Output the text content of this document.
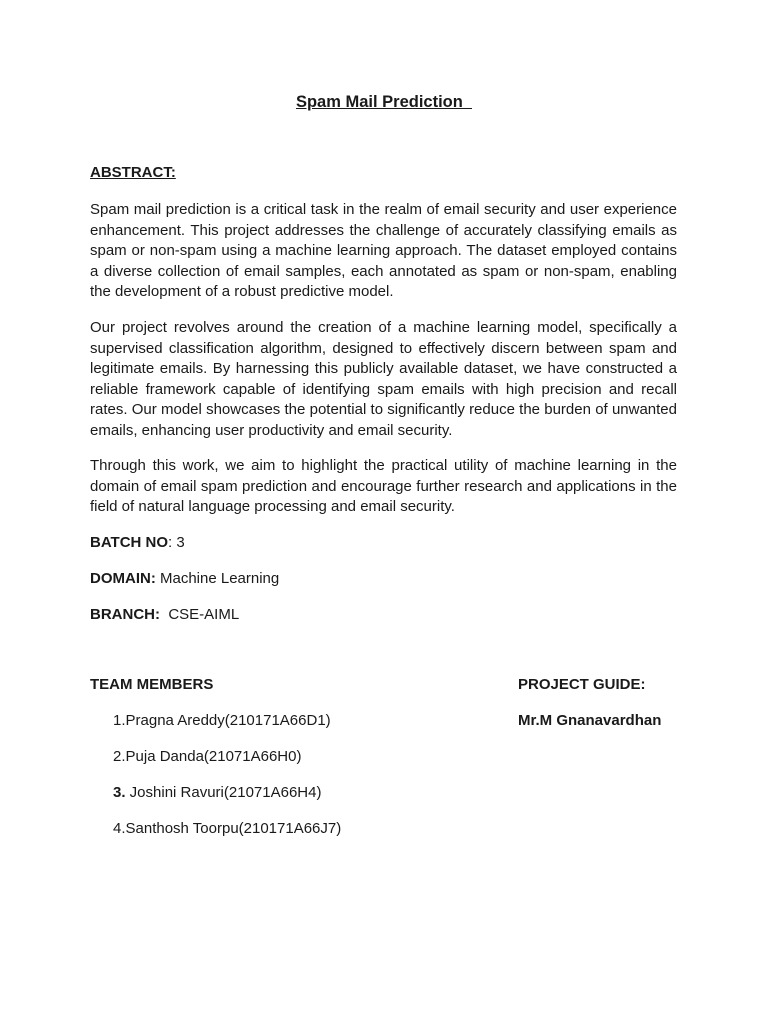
Spam Mail Prediction
ABSTRACT:

Spam mail prediction is a critical task in the realm of email security and user experience enhancement. This project addresses the challenge of accurately classifying emails as spam or non-spam using a machine learning approach. The dataset employed contains a diverse collection of email samples, each annotated as spam or non-spam, enabling the development of a robust predictive model.

Our project revolves around the creation of a machine learning model, specifically a supervised classification algorithm, designed to effectively discern between spam and legitimate emails. By harnessing this publicly available dataset, we have constructed a reliable framework capable of identifying spam emails with high precision and recall rates. Our model showcases the potential to significantly reduce the burden of unwanted emails, enhancing user productivity and email security.

Through this work, we aim to highlight the practical utility of machine learning in the domain of email spam prediction and encourage further research and applications in the field of natural language processing and email security.

BATCH NO: 3
DOMAIN: Machine Learning
BRANCH:  CSE-AIML
TEAM MEMBERS
1.Pragna Areddy(210171A66D1)
2.Puja Danda(21071A66H0)
3. Joshini Ravuri(21071A66H4)
4.Santhosh Toorpu(210171A66J7)
PROJECT GUIDE:
Mr.M Gnanavardhan
